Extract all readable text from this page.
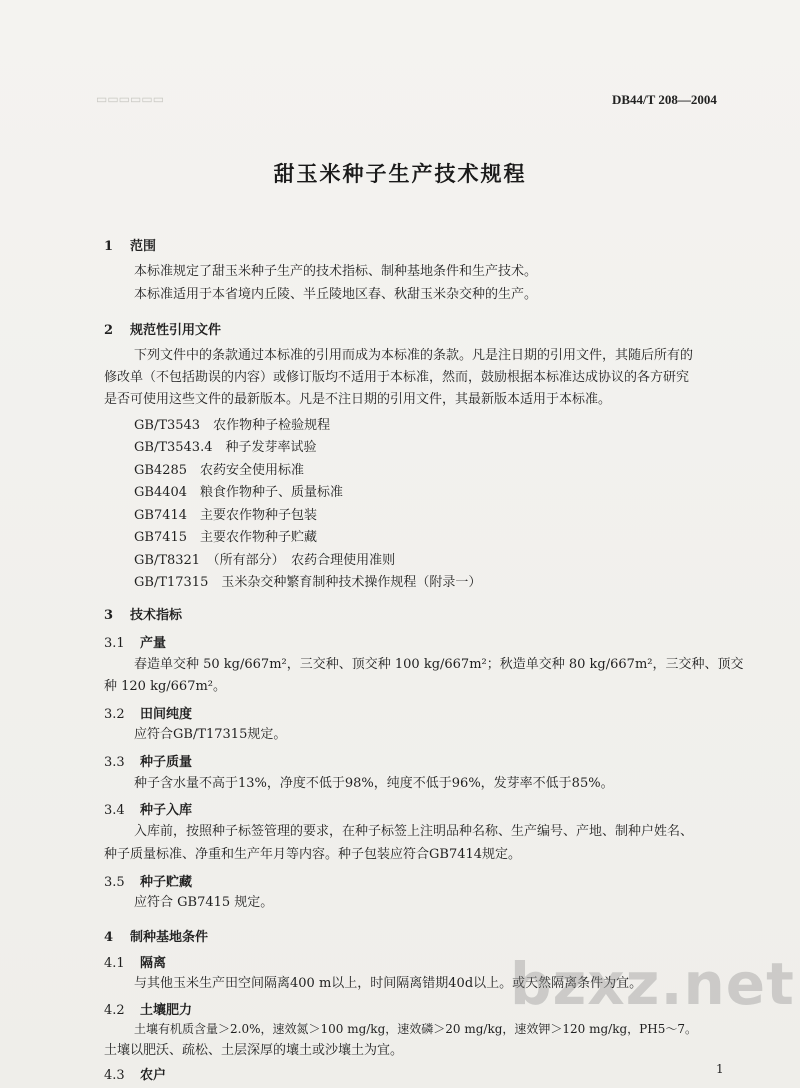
▭▭▭▭▭▭	DB44/T 208—2004
甜玉米种子生产技术规程
1 范围
本标准规定了甜玉米种子生产的技术指标、制种基地条件和生产技术。
本标准适用于本省境内丘陵、半丘陵地区春、秋甜玉米杂交种的生产。
2 规范性引用文件
下列文件中的条款通过本标准的引用而成为本标准的条款。凡是注日期的引用文件，其随后所有的
修改单（不包括勘误的内容）或修订版均不适用于本标准，然而，鼓励根据本标准达成协议的各方研究
是否可使用这些文件的最新版本。凡是不注日期的引用文件，其最新版本适用于本标准。
GB/T3543　农作物种子检验规程
GB/T3543.4　种子发芽率试验
GB4285　农药安全使用标准
GB4404　粮食作物种子、质量标准
GB7414　主要农作物种子包装
GB7415　主要农作物种子贮藏
GB/T8321　（所有部分）　农药合理使用准则
GB/T17315　玉米杂交种繁育制种技术操作规程（附录一）
3 技术指标
3.1 产量
春造单交种 50 kg/667m²，三交种、顶交种 100 kg/667m²；秋造单交种 80 kg/667m²，三交种、顶交
种 120 kg/667m²。
3.2 田间纯度
应符合GB/T17315规定。
3.3 种子质量
种子含水量不高于13%，净度不低于98%，纯度不低于96%，发芽率不低于85%。
3.4 种子入库
入库前，按照种子标签管理的要求，在种子标签上注明品种名称、生产编号、产地、制种户姓名、
种子质量标准、净重和生产年月等内容。种子包装应符合GB7414规定。
3.5 种子贮藏
应符合 GB7415 规定。
4 制种基地条件
4.1 隔离
与其他玉米生产田空间隔离400 m以上，时间隔离错期40d以上。或天然隔离条件为宜。
4.2 土壤肥力
土壤有机质含量＞2.0%，速效氮＞100 mg/kg，速效磷＞20 mg/kg，速效钾＞120 mg/kg，PH5～7。
土壤以肥沃、疏松、土层深厚的壤土或沙壤土为宜。
4.3 农户
bzxz.net
1
